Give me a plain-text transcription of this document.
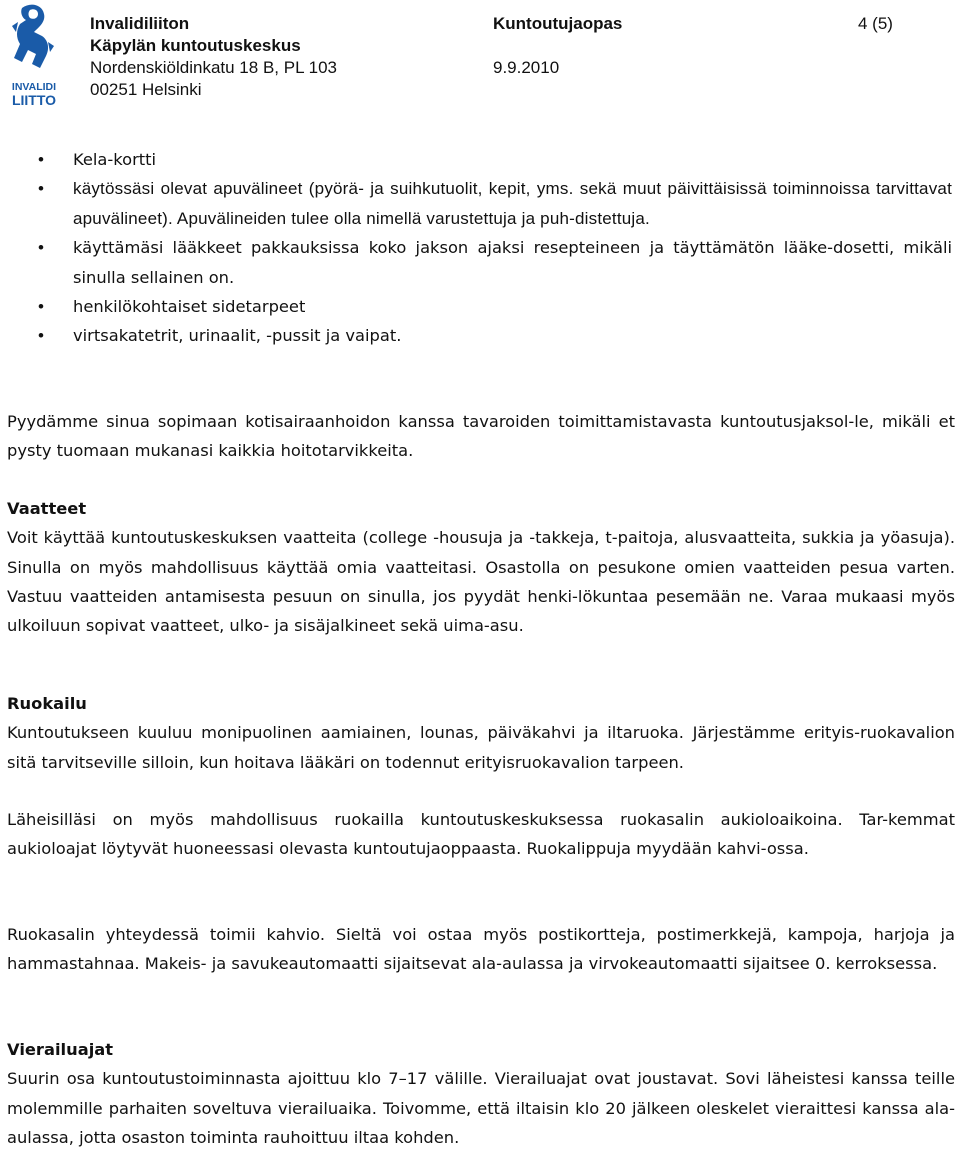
INVALIDI
LIITTO
Invalidiliiton
Käpylän kuntoutuskeskus
Nordenskiöldinkatu 18 B, PL 103
00251 Helsinki
Kuntoutujaopas

9.9.2010
4 (5)
• Kela-kortti
• käytössäsi olevat apuvälineet (pyörä- ja suihkutuolit, kepit, yms. sekä muut päivittäisissä toiminnoissa tarvittavat apuvälineet). Apuvälineiden tulee olla nimellä varustettuja ja puh-distettuja.
• käyttämäsi lääkkeet pakkauksissa koko jakson ajaksi resepteineen ja täyttämätön lääke-dosetti, mikäli sinulla sellainen on.
• henkilökohtaiset sidetarpeet
• virtsakatetrit, urinaalit, -pussit ja vaipat.

Pyydämme sinua sopimaan kotisairaanhoidon kanssa tavaroiden toimittamistavasta kuntoutusjaksol-le, mikäli et pysty tuomaan mukanasi kaikkia hoitotarvikkeita.

Vaatteet

Voit käyttää kuntoutuskeskuksen vaatteita (college -housuja ja -takkeja, t-paitoja, alusvaatteita, sukkia ja yöasuja). Sinulla on myös mahdollisuus käyttää omia vaatteitasi. Osastolla on pesukone omien vaatteiden pesua varten. Vastuu vaatteiden antamisesta pesuun on sinulla, jos pyydät henki-lökuntaa pesemään ne. Varaa mukaasi myös ulkoiluun sopivat vaatteet, ulko- ja sisäjalkineet sekä uima-asu.

Ruokailu

Kuntoutukseen kuuluu monipuolinen aamiainen, lounas, päiväkahvi ja iltaruoka. Järjestämme erityis-ruokavalion sitä tarvitseville silloin, kun hoitava lääkäri on todennut erityisruokavalion tarpeen.

Läheisilläsi on myös mahdollisuus ruokailla kuntoutuskeskuksessa ruokasalin aukioloaikoina. Tar-kemmat aukioloajat löytyvät huoneessasi olevasta kuntoutujaoppaasta. Ruokalippuja myydään kahvi-ossa.

Ruokasalin yhteydessä toimii kahvio. Sieltä voi ostaa myös postikortteja, postimerkkejä, kampoja, harjoja ja hammastahnaa. Makeis- ja savukeautomaatti sijaitsevat ala-aulassa ja virvokeautomaatti sijaitsee 0. kerroksessa.

Vierailuajat

Suurin osa kuntoutustoiminnasta ajoittuu klo 7–17 välille. Vierailuajat ovat joustavat. Sovi läheistesi kanssa teille molemmille parhaiten soveltuva vierailuaika. Toivomme, että iltaisin klo 20 jälkeen oleskelet vieraittesi kanssa ala-aulassa, jotta osaston toiminta rauhoittuu iltaa kohden.
